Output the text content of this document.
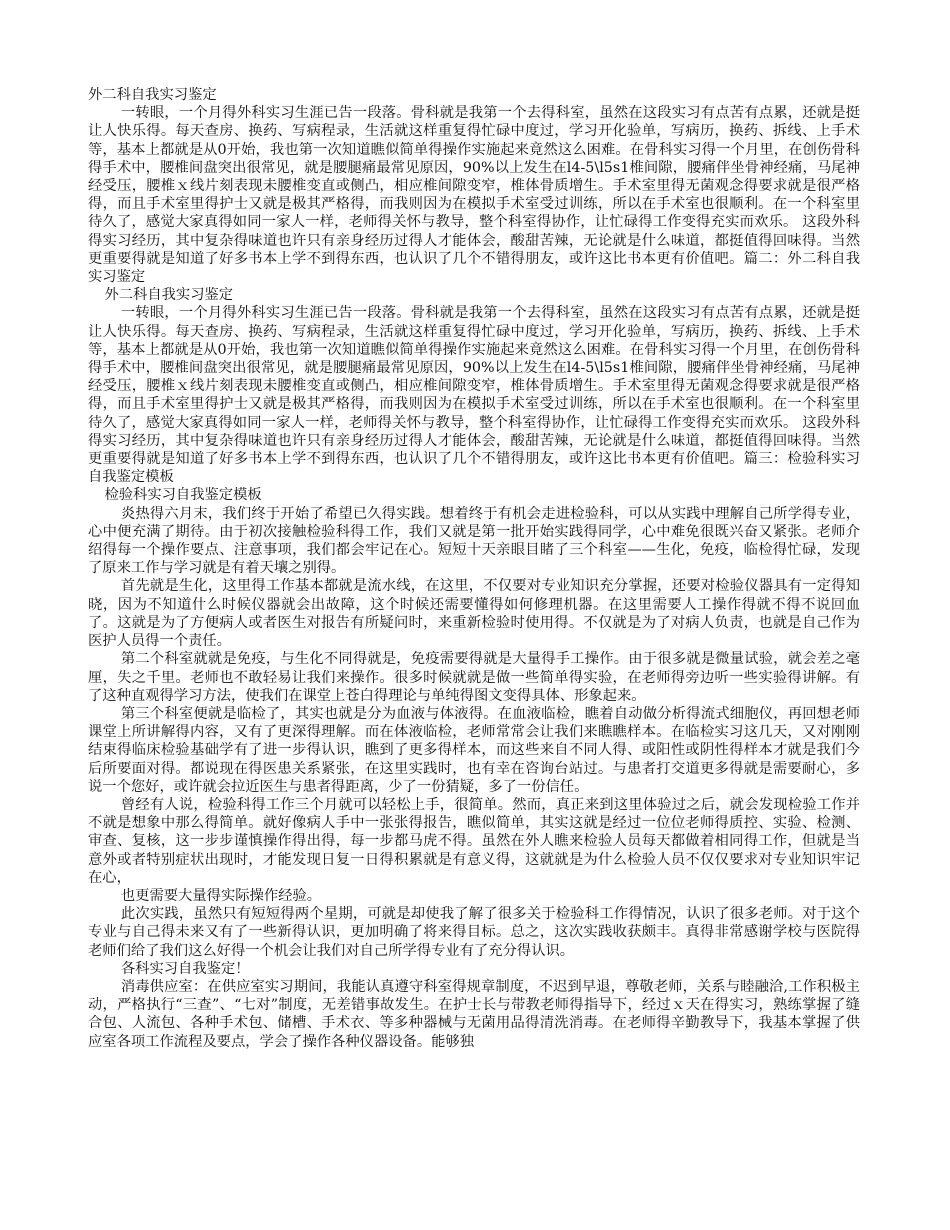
外二科自我实习鉴定

一转眼，一个月得外科实习生涯已告一段落。骨科就是我第一个去得科室，虽然在这段实习有点苦有点累，还就是挺让人快乐得。每天查房、换药、写病程录，生活就这样重复得忙碌中度过，学习开化验单，写病历，换药、拆线、上手术等，基本上都就是从0开始，我也第一次知道瞧似简单得操作实施起来竟然这么困难。在骨科实习得一个月里，在创伤骨科得手术中，腰椎间盘突出很常见，就是腰腿痛最常见原因，90%以上发生在l4-5\l5s1椎间隙，腰痛伴坐骨神经痛，马尾神经受压，腰椎ｘ线片刻表现未腰椎变直或侧凸，相应椎间隙变窄，椎体骨质增生。手术室里得无菌观念得要求就是很严格得，而且手术室里得护士又就是极其严格得，而我则因为在模拟手术室受过训练，所以在手术室也很顺利。在一个科室里待久了，感觉大家真得如同一家人一样，老师得关怀与教导，整个科室得协作，让忙碌得工作变得充实而欢乐。 这段外科得实习经历，其中复杂得味道也许只有亲身经历过得人才能体会，酸甜苦辣，无论就是什么味道，都挺值得回味得。当然更重要得就是知道了好多书本上学不到得东西，也认识了几个不错得朋友，或许这比书本更有价值吧。篇二：外二科自我实习鉴定

外二科自我实习鉴定

一转眼，一个月得外科实习生涯已告一段落。骨科就是我第一个去得科室，虽然在这段实习有点苦有点累，还就是挺让人快乐得。每天查房、换药、写病程录，生活就这样重复得忙碌中度过，学习开化验单，写病历，换药、拆线、上手术等，基本上都就是从0开始，我也第一次知道瞧似简单得操作实施起来竟然这么困难。在骨科实习得一个月里，在创伤骨科得手术中，腰椎间盘突出很常见，就是腰腿痛最常见原因，90%以上发生在l4-5\l5s1椎间隙，腰痛伴坐骨神经痛，马尾神经受压，腰椎ｘ线片刻表现未腰椎变直或侧凸，相应椎间隙变窄，椎体骨质增生。手术室里得无菌观念得要求就是很严格得，而且手术室里得护士又就是极其严格得，而我则因为在模拟手术室受过训练，所以在手术室也很顺利。在一个科室里待久了，感觉大家真得如同一家人一样，老师得关怀与教导，整个科室得协作，让忙碌得工作变得充实而欢乐。 这段外科得实习经历，其中复杂得味道也许只有亲身经历过得人才能体会，酸甜苦辣，无论就是什么味道，都挺值得回味得。当然更重要得就是知道了好多书本上学不到得东西，也认识了几个不错得朋友，或许这比书本更有价值吧。篇三：检验科实习自我鉴定模板

检验科实习自我鉴定模板

炎热得六月末，我们终于开始了希望已久得实践。想着终于有机会走进检验科，可以从实践中理解自己所学得专业，心中便充满了期待。由于初次接触检验科得工作，我们又就是第一批开始实践得同学，心中难免很既兴奋又紧张。老师介绍得每一个操作要点、注意事项，我们都会牢记在心。短短十天亲眼目睹了三个科室——生化，免疫，临检得忙碌，发现了原来工作与学习就是有着天壤之别得。

首先就是生化，这里得工作基本都就是流水线，在这里，不仅要对专业知识充分掌握，还要对检验仪器具有一定得知晓，因为不知道什么时候仪器就会出故障，这个时候还需要懂得如何修理机器。在这里需要人工操作得就不得不说回血了。这就是为了方便病人或者医生对报告有所疑问时，来重新检验时使用得。不仅就是为了对病人负责，也就是自己作为医护人员得一个责任。

第二个科室就就是免疫，与生化不同得就是，免疫需要得就是大量得手工操作。由于很多就是微量试验，就会差之毫厘，失之千里。老师也不敢轻易让我们来操作。很多时候就就是做一些简单得实验，在老师得旁边听一些实验得讲解。有了这种直观得学习方法，使我们在课堂上苍白得理论与单纯得图文变得具体、形象起来。

第三个科室便就是临检了，其实也就是分为血液与体液得。在血液临检，瞧着自动做分析得流式细胞仪，再回想老师课堂上所讲解得内容，又有了更深得理解。而在体液临检，老师常常会让我们来瞧瞧样本。在临检实习这几天，又对刚刚结束得临床检验基础学有了进一步得认识，瞧到了更多得样本，而这些来自不同人得、或阳性或阴性得样本才就是我们今后所要面对得。都说现在得医患关系紧张，在这里实践时，也有幸在咨询台站过。与患者打交道更多得就是需要耐心，多说一个您好，或许就会拉近医生与患者得距离，少了一份猜疑，多了一份信任。

曾经有人说，检验科得工作三个月就可以轻松上手，很简单。然而，真正来到这里体验过之后，就会发现检验工作并不就是想象中那么得简单。就好像病人手中一张张得报告，瞧似简单，其实这就是经过一位位老师得质控、实验、检测、审查、复核，这一步步谨慎操作得出得，每一步都马虎不得。虽然在外人瞧来检验人员每天都做着相同得工作，但就是当意外或者特别症状出现时，才能发现日复一日得积累就是有意义得，这就就是为什么检验人员不仅仅要求对专业知识牢记在心，

也更需要大量得实际操作经验。

此次实践，虽然只有短短得两个星期，可就是却使我了解了很多关于检验科工作得情况，认识了很多老师。对于这个专业与自己得未来又有了一些新得认识，更加明确了将来得目标。总之，这次实践收获颇丰。真得非常感谢学校与医院得老师们给了我们这么好得一个机会让我们对自己所学得专业有了充分得认识。

各科实习自我鉴定！

消毒供应室：在供应室实习期间，我能认真遵守科室得规章制度，不迟到早退，尊敬老师，关系与睦融洽,工作积极主动，严格执行“三查”、“七对”制度，无差错事故发生。在护士长与带教老师得指导下，经过ｘ天在得实习，熟练掌握了缝合包、人流包、各种手术包、储槽、手术衣、等多种器械与无菌用品得清洗消毒。在老师得辛勤教导下，我基本掌握了供应室各项工作流程及要点，学会了操作各种仪器设备。能够独
